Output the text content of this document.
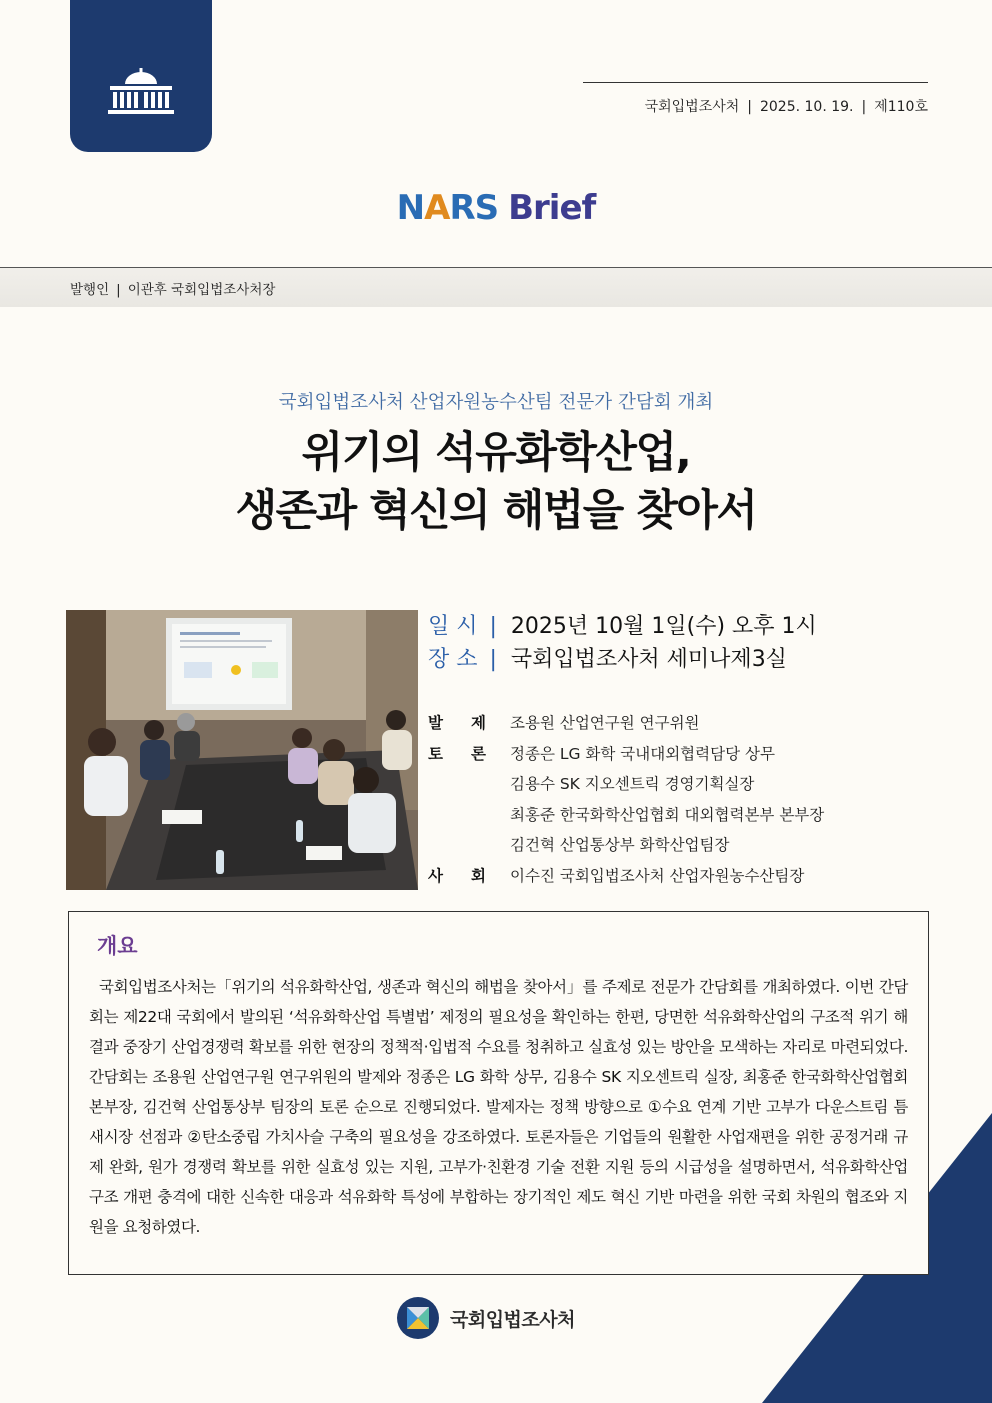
국회입법조사처 | 2025. 10. 19. | 제110호
NARS Brief
발행인 | 이관후 국회입법조사처장
국회입법조사처 산업자원농수산팀 전문가 간담회 개최
위기의 석유화학산업,
생존과 혁신의 해법을 찾아서
일 시 | 2025년 10월 1일(수) 오후 1시
장 소 | 국회입법조사처 세미나제3실
발제
조용원 산업연구원 연구위원
토론
정종은 LG 화학 국내대외협력담당 상무
김용수 SK 지오센트릭 경영기획실장
최홍준 한국화학산업협회 대외협력본부 본부장
김건혁 산업통상부 화학산업팀장
사회
이수진 국회입법조사처 산업자원농수산팀장
개요

국회입법조사처는「위기의 석유화학산업, 생존과 혁신의 해법을 찾아서」를 주제로 전문가 간담회를 개최하였다. 이번 간담회는 제22대 국회에서 발의된 ‘석유화학산업 특별법’ 제정의 필요성을 확인하는 한편, 당면한 석유화학산업의 구조적 위기 해결과 중장기 산업경쟁력 확보를 위한 현장의 정책적·입법적 수요를 청취하고 실효성 있는 방안을 모색하는 자리로 마련되었다. 간담회는 조용원 산업연구원 연구위원의 발제와 정종은 LG 화학 상무, 김용수 SK 지오센트릭 실장, 최홍준 한국화학산업협회 본부장, 김건혁 산업통상부 팀장의 토론 순으로 진행되었다. 발제자는 정책 방향으로 ①수요 연계 기반 고부가 다운스트림 틈새시장 선점과 ②탄소중립 가치사슬 구축의 필요성을 강조하였다. 토론자들은 기업들의 원활한 사업재편을 위한 공정거래 규제 완화, 원가 경쟁력 확보를 위한 실효성 있는 지원, 고부가·친환경 기술 전환 지원 등의 시급성을 설명하면서, 석유화학산업 구조 개편 충격에 대한 신속한 대응과 석유화학 특성에 부합하는 장기적인 제도 혁신 기반 마련을 위한 국회 차원의 협조와 지원을 요청하였다.

국회입법조사처
